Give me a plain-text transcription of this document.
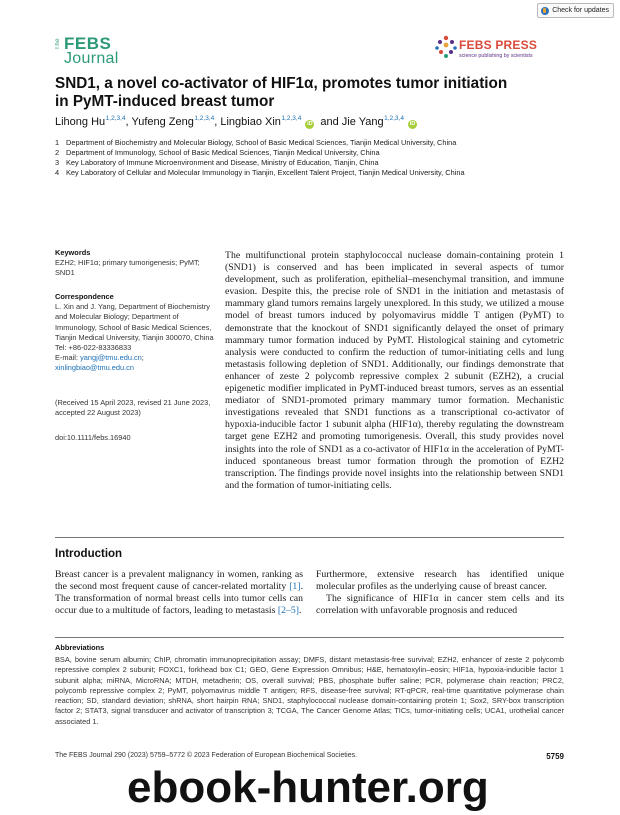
Check for updates
The FEBS
Journal
FEBS PRESS
science publishing by scientists
SND1, a novel co-activator of HIF1α, promotes tumor initiation in PyMT-induced breast tumor
Lihong Hu$^{1,2,3,4}$, Yufeng Zeng$^{1,2,3,4}$, Lingbiao Xin$^{1,2,3,4}$iD and Jie Yang$^{1,2,3,4}$iD
1 Department of Biochemistry and Molecular Biology, School of Basic Medical Sciences, Tianjin Medical University, China
2 Department of Immunology, School of Basic Medical Sciences, Tianjin Medical University, China
3 Key Laboratory of Immune Microenvironment and Disease, Ministry of Education, Tianjin, China
4 Key Laboratory of Cellular and Molecular Immunology in Tianjin, Excellent Talent Project, Tianjin Medical University, China
Keywords
EZH2; HIF1α; primary tumorigenesis; PyMT; SND1
Correspondence
L. Xin and J. Yang, Department of Biochemistry and Molecular Biology; Department of Immunology, School of Basic Medical Sciences, Tianjin Medical University, Tianjin 300070, China
Tel: +86-022-83336833
E-mail: yangj@tmu.edu.cn; xinlingbiao@tmu.edu.cn
(Received 15 April 2023, revised 21 June 2023, accepted 22 August 2023)
doi:10.1111/febs.16940
The multifunctional protein staphylococcal nuclease domain-containing protein 1 (SND1) is conserved and has been implicated in several aspects of tumor development, such as proliferation, epithelial–mesenchymal transition, and immune evasion. Despite this, the precise role of SND1 in the initiation and metastasis of mammary gland tumors remains largely unexplored. In this study, we utilized a mouse model of breast tumors induced by polyomavirus middle T antigen (PyMT) to demonstrate that the knockout of SND1 significantly delayed the onset of primary mammary tumor formation induced by PyMT. Histological staining and cytometric analysis were conducted to confirm the reduction of tumor-initiating cells and lung metastasis following depletion of SND1. Additionally, our findings demonstrate that enhancer of zeste 2 polycomb repressive complex 2 subunit (EZH2), a crucial epigenetic modifier implicated in PyMT-induced breast tumors, serves as an essential mediator of SND1-promoted primary mammary tumor formation. Mechanistic investigations revealed that SND1 functions as a transcriptional co-activator of hypoxia-inducible factor 1 subunit alpha (HIF1α), thereby regulating the downstream target gene EZH2 and promoting tumorigenesis. Overall, this study provides novel insights into the role of SND1 as a co-activator of HIF1α in the acceleration of PyMT-induced spontaneous breast tumor formation through the promotion of EZH2 transcription. The findings provide novel insights into the relationship between SND1 and the formation of tumor-initiating cells.
Introduction
Breast cancer is a prevalent malignancy in women, ranking as the second most frequent cause of cancer-related mortality [1]. The transformation of normal breast cells into tumor cells can occur due to a multitude of factors, leading to metastasis [2–5].
Furthermore, extensive research has identified unique molecular profiles as the underlying cause of breast cancer.
The significance of HIF1α in cancer stem cells and its correlation with unfavorable prognosis and reduced
Abbreviations
BSA, bovine serum albumin; ChIP, chromatin immunoprecipitation assay; DMFS, distant metastasis-free survival; EZH2, enhancer of zeste 2 polycomb repressive complex 2 subunit; FOXC1, forkhead box C1; GEO, Gene Expression Omnibus; H&E, hematoxylin–eosin; HIF1a, hypoxia-inducible factor 1 subunit alpha; miRNA, MicroRNA; MTDH, metadherin; OS, overall survival; PBS, phosphate buffer saline; PCR, polymerase chain reaction; PRC2, polycomb repressive complex 2; PyMT, polyomavirus middle T antigen; RFS, disease-free survival; RT-qPCR, real-time quantitative polymerase chain reaction; SD, standard deviation; shRNA, short hairpin RNA; SND1, staphylococcal nuclease domain-containing protein 1; Sox2, SRY-box transcription factor 2; STAT3, signal transducer and activator of transcription 3; TCGA, The Cancer Genome Atlas; TICs, tumor-initiating cells; UCA1, urothelial cancer associated 1.
The FEBS Journal 290 (2023) 5759–5772 © 2023 Federation of European Biochemical Societies.	5759
ebook-hunter.org
